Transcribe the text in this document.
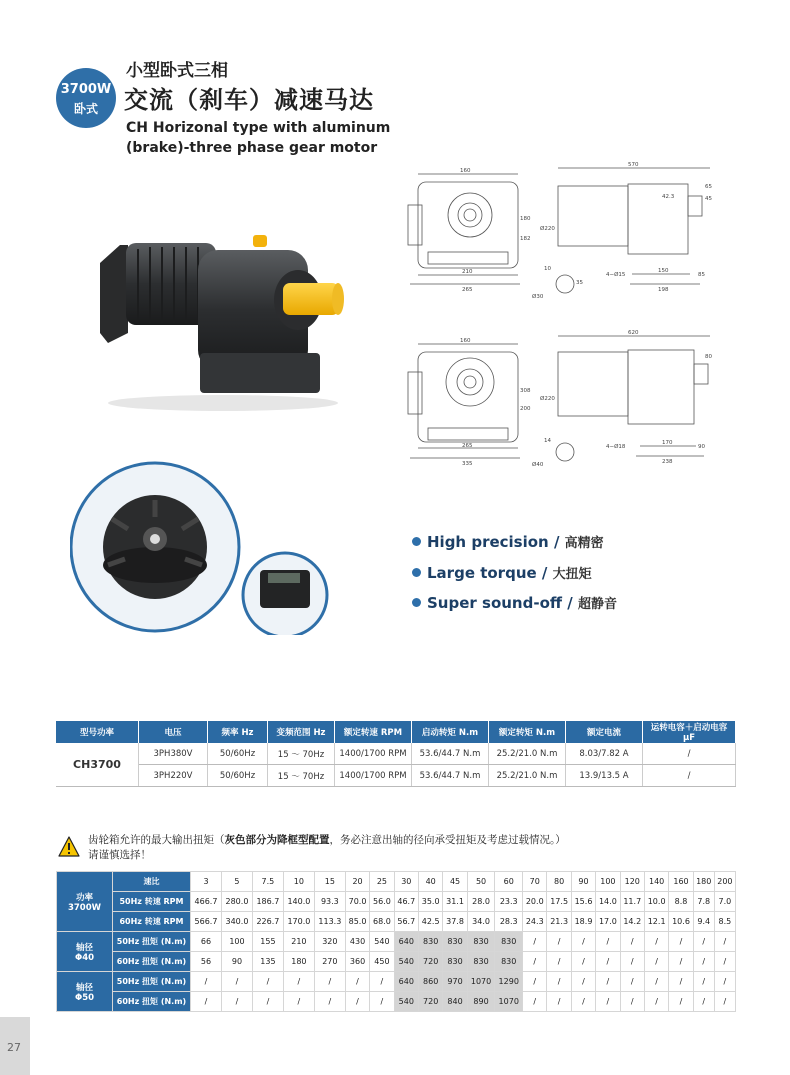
3700W
卧式
小型卧式三相
交流（刹车）减速马达
CH Horizonal type with aluminum
(brake)-three phase gear motor
160
570
210
265
150
198
65
42.3	45
Ø220
180
182
10
35
85
4−Ø15
Ø30
160
620
265
335
170
238
80
Ø220
200
308
14
4−Ø18	90
Ø40
High precision / 高精密
Large torque / 大扭矩
Super sound-off / 超静音
型号功率	电压	频率 Hz	变频范围 Hz	额定转速 RPM	启动转矩 N.m	额定转矩 N.m	额定电流	运转电容＋启动电容 μF
CH3700	3PH380V	50/60Hz	15 ～ 70Hz	1400/1700 RPM	53.6/44.7 N.m	25.2/21.0 N.m	8.03/7.82 A	/
	3PH220V	50/60Hz	15 ～ 70Hz	1400/1700 RPM	53.6/44.7 N.m	25.2/21.0 N.m	13.9/13.5 A	/
齿轮箱允许的最大输出扭矩（灰色部分为降框型配置，务必注意出轴的径向承受扭矩及考虑过载情况。）
请谨慎选择！
功率
3700W	速比	3	5	7.5	10	15	20	25	30	40	45	50	60	70	80	90	100	120	140	160	180	200
	50Hz 转速 RPM	466.7	280.0	186.7	140.0	93.3	70.0	56.0	46.7	35.0	31.1	28.0	23.3	20.0	17.5	15.6	14.0	11.7	10.0	8.8	7.8	7.0
	60Hz 转速 RPM	566.7	340.0	226.7	170.0	113.3	85.0	68.0	56.7	42.5	37.8	34.0	28.3	24.3	21.3	18.9	17.0	14.2	12.1	10.6	9.4	8.5
轴径
Φ40	50Hz 扭矩 (N.m)	66	100	155	210	320	430	540	640	830	830	830	830	/	/	/	/	/	/	/	/	/
	60Hz 扭矩 (N.m)	56	90	135	180	270	360	450	540	720	830	830	830	/	/	/	/	/	/	/	/	/
轴径
Φ50	50Hz 扭矩 (N.m)	/	/	/	/	/	/	/	640	860	970	1070	1290	/	/	/	/	/	/	/	/	/
	60Hz 扭矩 (N.m)	/	/	/	/	/	/	/	540	720	840	890	1070	/	/	/	/	/	/	/	/	/
27
